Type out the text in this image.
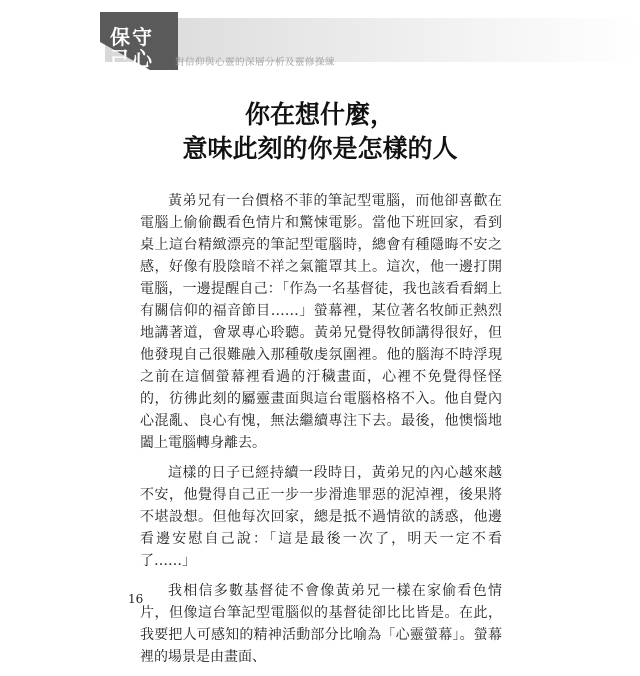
保守
己心	對信仰與心靈的深層分析及靈修操練
你在想什麼，
意味此刻的你是怎樣的人

黃弟兄有一台價格不菲的筆記型電腦，而他卻喜歡在電腦上偷偷觀看色情片和驚悚電影。當他下班回家，看到桌上這台精緻漂亮的筆記型電腦時，總會有種隱晦不安之感，好像有股陰暗不祥之氣籠罩其上。這次，他一邊打開電腦，一邊提醒自己：「作為一名基督徒，我也該看看網上有關信仰的福音節目……」螢幕裡，某位著名牧師正熱烈地講著道，會眾專心聆聽。黃弟兄覺得牧師講得很好，但他發現自己很難融入那種敬虔氛圍裡。他的腦海不時浮現之前在這個螢幕裡看過的汙穢畫面，心裡不免覺得怪怪的，彷彿此刻的屬靈畫面與這台電腦格格不入。他自覺內心混亂、良心有愧，無法繼續專注下去。最後，他懊惱地闔上電腦轉身離去。

這樣的日子已經持續一段時日，黃弟兄的內心越來越不安，他覺得自己正一步一步滑進罪惡的泥淖裡，後果將不堪設想。但他每次回家，總是抵不過情欲的誘惑，他邊看邊安慰自己說：「這是最後一次了，明天一定不看了……」

我相信多數基督徒不會像黃弟兄一樣在家偷看色情片，但像這台筆記型電腦似的基督徒卻比比皆是。在此，我要把人可感知的精神活動部分比喻為「心靈螢幕」。螢幕裡的場景是由畫面、

16
